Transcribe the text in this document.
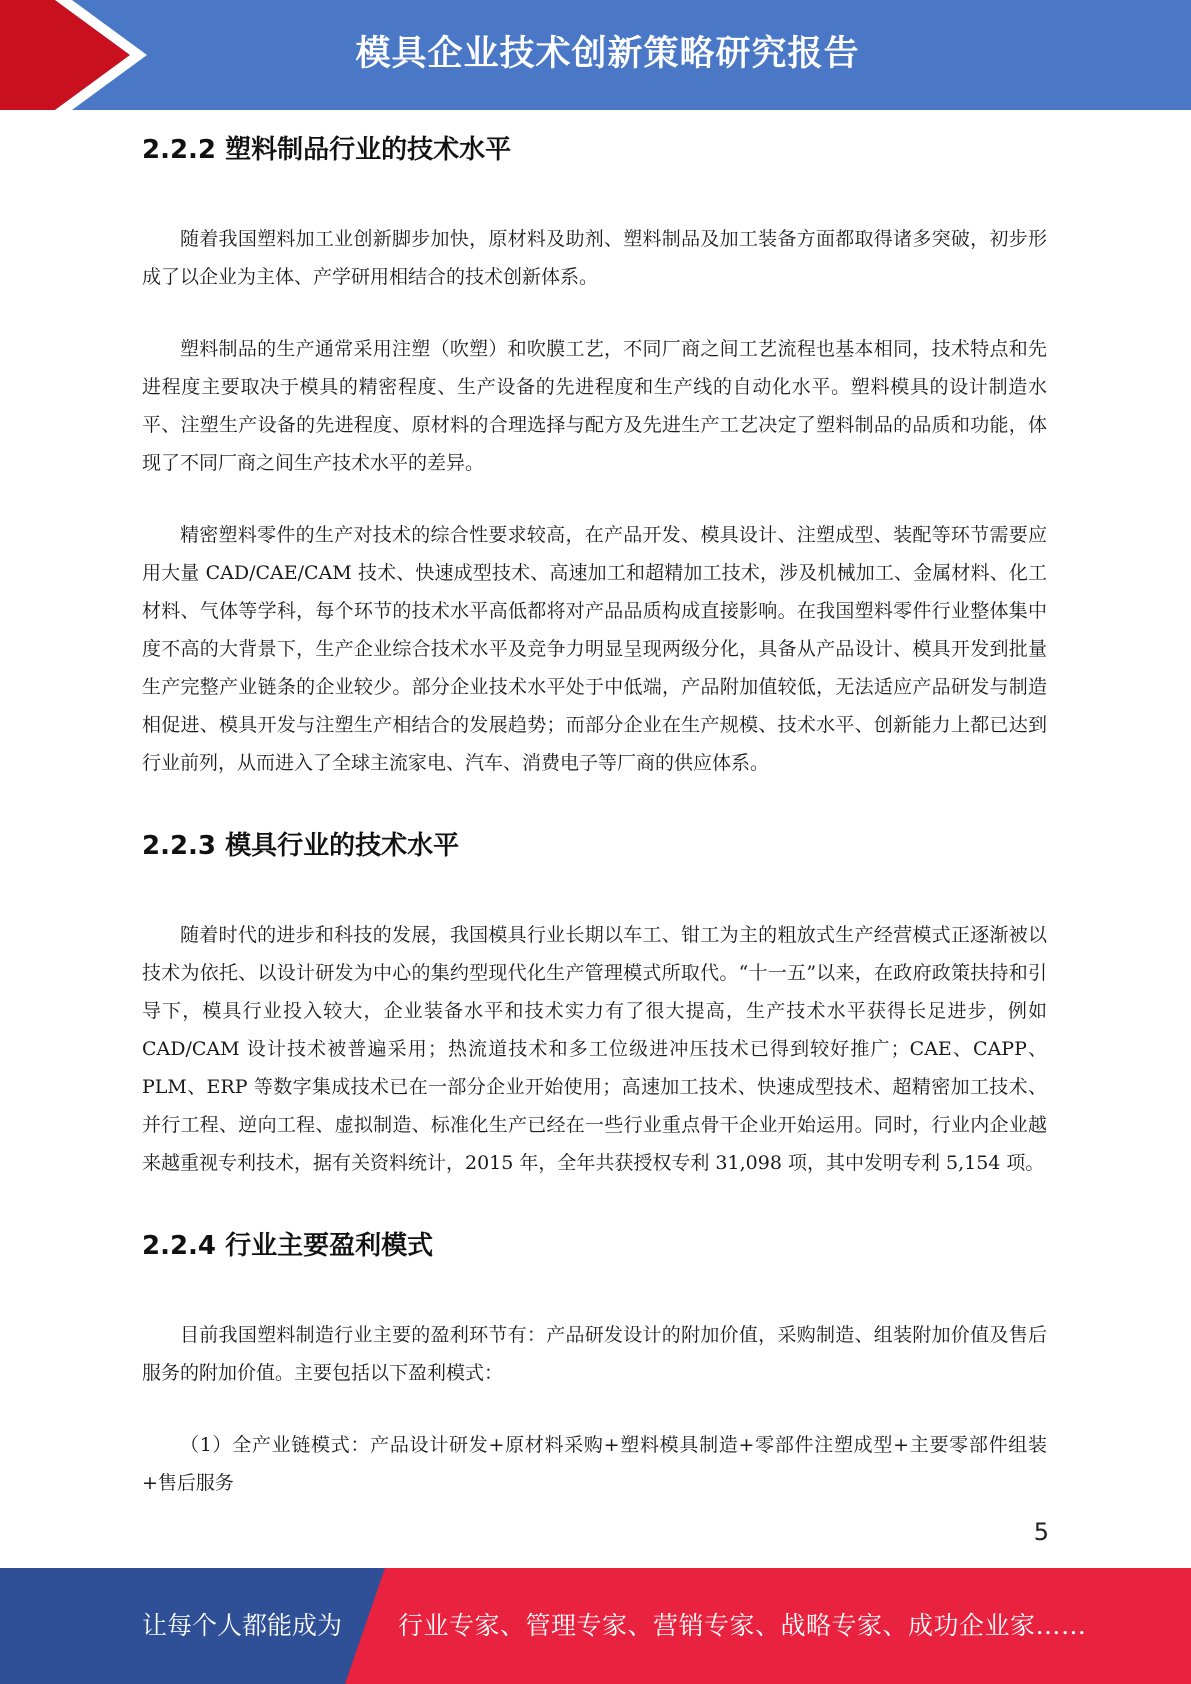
模具企业技术创新策略研究报告
2.2.2 塑料制品行业的技术水平

随着我国塑料加工业创新脚步加快，原材料及助剂、塑料制品及加工装备方面都取得诸多突破，初步形成了以企业为主体、产学研用相结合的技术创新体系。

塑料制品的生产通常采用注塑（吹塑）和吹膜工艺，不同厂商之间工艺流程也基本相同，技术特点和先进程度主要取决于模具的精密程度、生产设备的先进程度和生产线的自动化水平。塑料模具的设计制造水平、注塑生产设备的先进程度、原材料的合理选择与配方及先进生产工艺决定了塑料制品的品质和功能，体现了不同厂商之间生产技术水平的差异。

精密塑料零件的生产对技术的综合性要求较高，在产品开发、模具设计、注塑成型、装配等环节需要应用大量 CAD/CAE/CAM 技术、快速成型技术、高速加工和超精加工技术，涉及机械加工、金属材料、化工材料、气体等学科，每个环节的技术水平高低都将对产品品质构成直接影响。在我国塑料零件行业整体集中度不高的大背景下，生产企业综合技术水平及竞争力明显呈现两级分化，具备从产品设计、模具开发到批量生产完整产业链条的企业较少。部分企业技术水平处于中低端，产品附加值较低，无法适应产品研发与制造相促进、模具开发与注塑生产相结合的发展趋势；而部分企业在生产规模、技术水平、创新能力上都已达到行业前列，从而进入了全球主流家电、汽车、消费电子等厂商的供应体系。

2.2.3 模具行业的技术水平

随着时代的进步和科技的发展，我国模具行业长期以车工、钳工为主的粗放式生产经营模式正逐渐被以技术为依托、以设计研发为中心的集约型现代化生产管理模式所取代。“十一五”以来，在政府政策扶持和引导下，模具行业投入较大，企业装备水平和技术实力有了很大提高，生产技术水平获得长足进步，例如 CAD/CAM 设计技术被普遍采用；热流道技术和多工位级进冲压技术已得到较好推广；CAE、CAPP、PLM、ERP 等数字集成技术已在一部分企业开始使用；高速加工技术、快速成型技术、超精密加工技术、并行工程、逆向工程、虚拟制造、标准化生产已经在一些行业重点骨干企业开始运用。同时，行业内企业越来越重视专利技术，据有关资料统计，2015 年，全年共获授权专利 31,098 项，其中发明专利 5,154 项。

2.2.4 行业主要盈利模式

目前我国塑料制造行业主要的盈利环节有：产品研发设计的附加价值，采购制造、组装附加价值及售后服务的附加价值。主要包括以下盈利模式：

（1）全产业链模式：产品设计研发+原材料采购+塑料模具制造+零部件注塑成型+主要零部件组装+售后服务

5
让每个人都能成为 行业专家、管理专家、营销专家、战略专家、成功企业家……
